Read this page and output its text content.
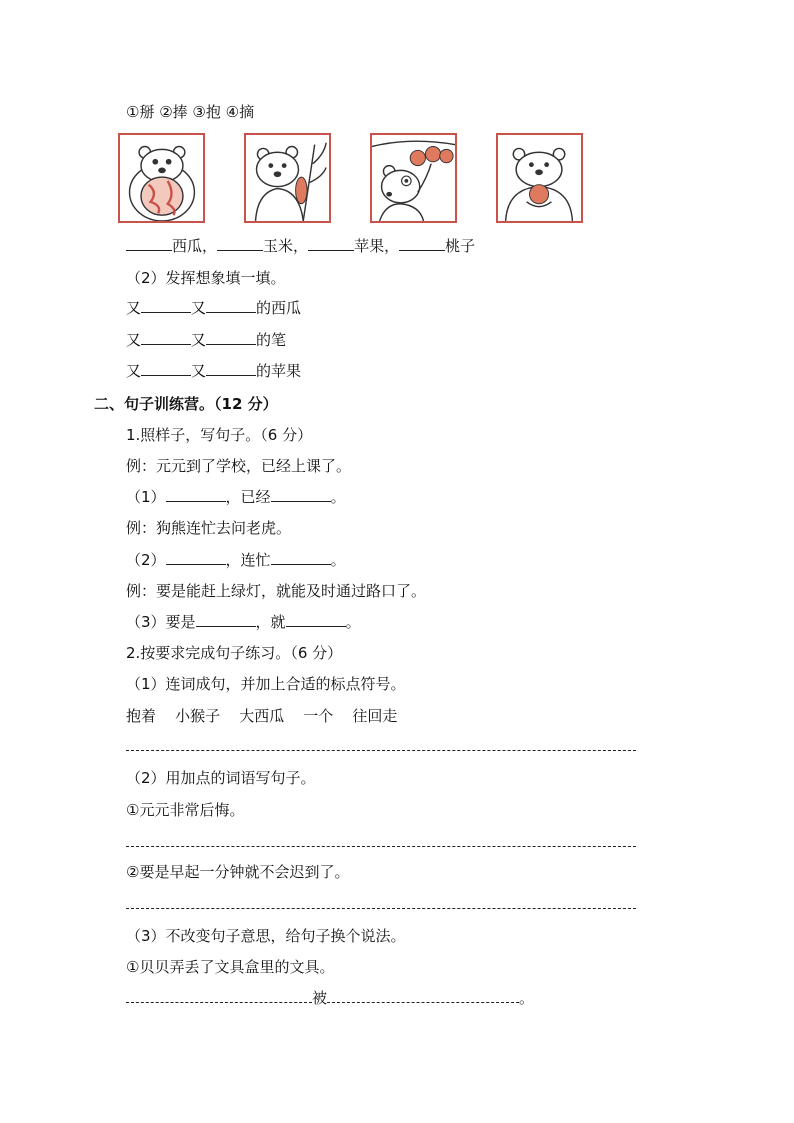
①掰 ②捧 ③抱 ④摘
西瓜，	玉米，	苹果，	桃子
（2）发挥想象填一填。
又	又	的西瓜
又	又	的笔
又	又	的苹果
二、句子训练营。（12 分）
1.照样子，写句子。（6 分）
例：元元到了学校，已经上课了。
（1）	，已经	。
例：狗熊连忙去问老虎。
（2）	，连忙	。
例：要是能赶上绿灯，就能及时通过路口了。
（3）要是	，就	。
2.按要求完成句子练习。（6 分）
（1）连词成句，并加上合适的标点符号。
抱着 小猴子 大西瓜 一个 往回走
（2）用加点的词语写句子。
①元元非常后悔。
②要是早起一分钟就不会迟到了。
（3）不改变句子意思，给句子换个说法。
①贝贝弄丢了文具盒里的文具。
被	。
